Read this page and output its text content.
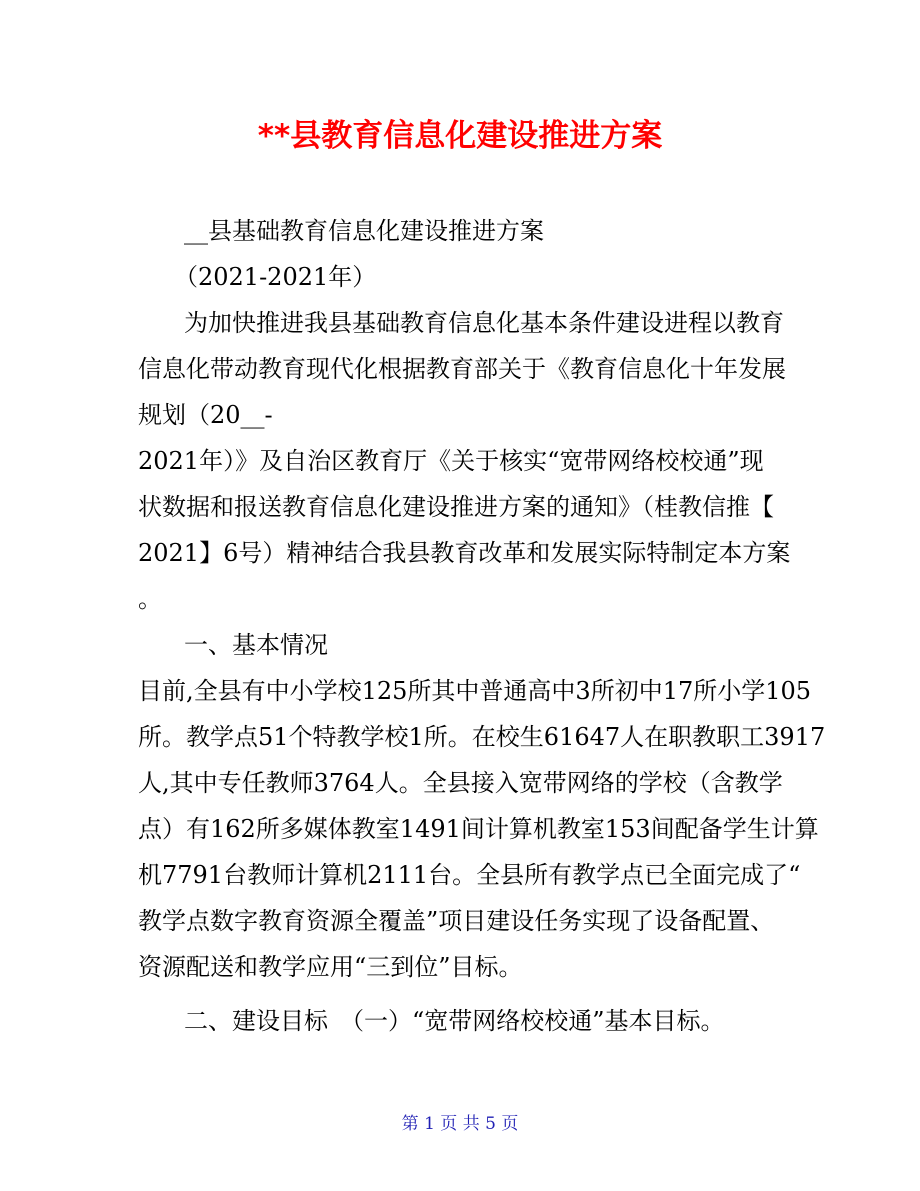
**县教育信息化建设推进方案
__县基础教育信息化建设推进方案
（2021-2021年）
为加快推进我县基础教育信息化基本条件建设进程以教育
信息化带动教育现代化根据教育部关于《教育信息化十年发展
规划（20__-
2021年）》及自治区教育厅《关于核实“宽带网络校校通”现
状数据和报送教育信息化建设推进方案的通知》（桂教信推【
2021】6号）精神结合我县教育改革和发展实际特制定本方案
。
一、基本情况
目前,全县有中小学校125所其中普通高中3所初中17所小学105
所。教学点51个特教学校1所。在校生61647人在职教职工3917
人,其中专任教师3764人。全县接入宽带网络的学校（含教学
点）有162所多媒体教室1491间计算机教室153间配备学生计算
机7791台教师计算机2111台。全县所有教学点已全面完成了“
教学点数字教育资源全覆盖”项目建设任务实现了设备配置、
资源配送和教学应用“三到位”目标。
二、建设目标　（一）“宽带网络校校通”基本目标。
第 1 页 共 5 页
